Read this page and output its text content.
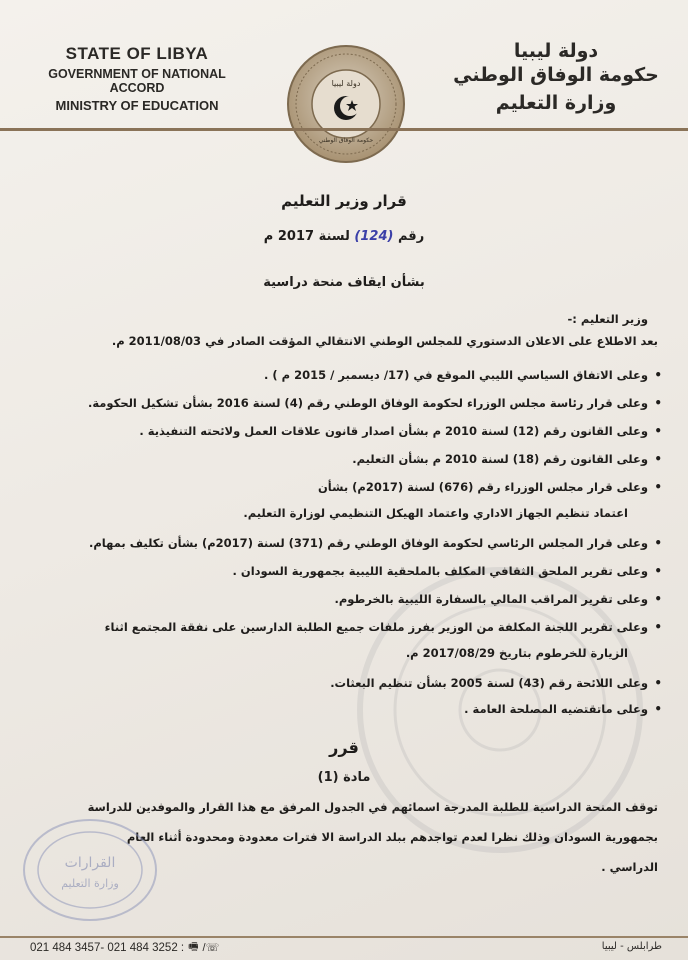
STATE OF LIBYA
GOVERNMENT OF NATIONAL ACCORD
MINISTRY OF EDUCATION
دولة ليبيا
حكومة الوفاق الوطني
وزارة التعليم
دولة ليبيا
حكومة الوفاق الوطني
قرار وزير التعليم
رقم (124) لسنة 2017 م
بشأن ايقاف منحة دراسية
وزير التعليم :-
بعد الاطلاع على الاعلان الدستوري للمجلس الوطني الانتقالي المؤقت الصادر في 2011/08/03 م.
• وعلى الاتفاق السياسي الليبي الموقع في (17/ ديسمبر / 2015 م ) .
• وعلى قرار رئاسة مجلس الوزراء لحكومة الوفاق الوطني رقم (4) لسنة 2016 بشأن تشكيل الحكومة.
• وعلى القانون رقم (12) لسنة 2010 م بشأن اصدار قانون علاقات العمل ولائحته التنفيذية .
• وعلى القانون رقم (18) لسنة 2010 م بشأن التعليم.
• وعلى قرار مجلس الوزراء رقم (676) لسنة (2017م) بشأن
اعتماد تنظيم الجهاز الاداري واعتماد الهيكل التنظيمي لوزارة التعليم.
• وعلى قرار المجلس الرئاسي لحكومة الوفاق الوطني رقم (371) لسنة (2017م) بشأن تكليف بمهام.
• وعلى تقرير الملحق الثقافي المكلف بالملحقية الليبية بجمهورية السودان .
• وعلى تقرير المراقب المالي بالسفارة الليبية بالخرطوم.
• وعلى تقرير اللجنة المكلفة من الوزير بفرز ملفات جميع الطلبة الدارسين على نفقة المجتمع اثناء
الزيارة للخرطوم بتاريخ 2017/08/29 م.
• وعلى اللائحة رقم (43) لسنة 2005 بشأن تنظيم البعثات.
• وعلى ماتقتضيه المصلحة العامة .
قرر
مادة (1)
توقف المنحة الدراسية للطلبة المدرجة اسمائهم في الجدول المرفق مع هذا القرار والموفدين للدراسة
بجمهورية السودان وذلك نظرا لعدم تواجدهم ببلد الدراسة الا فترات معدودة ومحدودة أثناء العام
الدراسي .
القرارات
وزارة التعليم
021 484 3457- 021 484 3252 : 🖷 /☏	طرابلس - ليبيا
